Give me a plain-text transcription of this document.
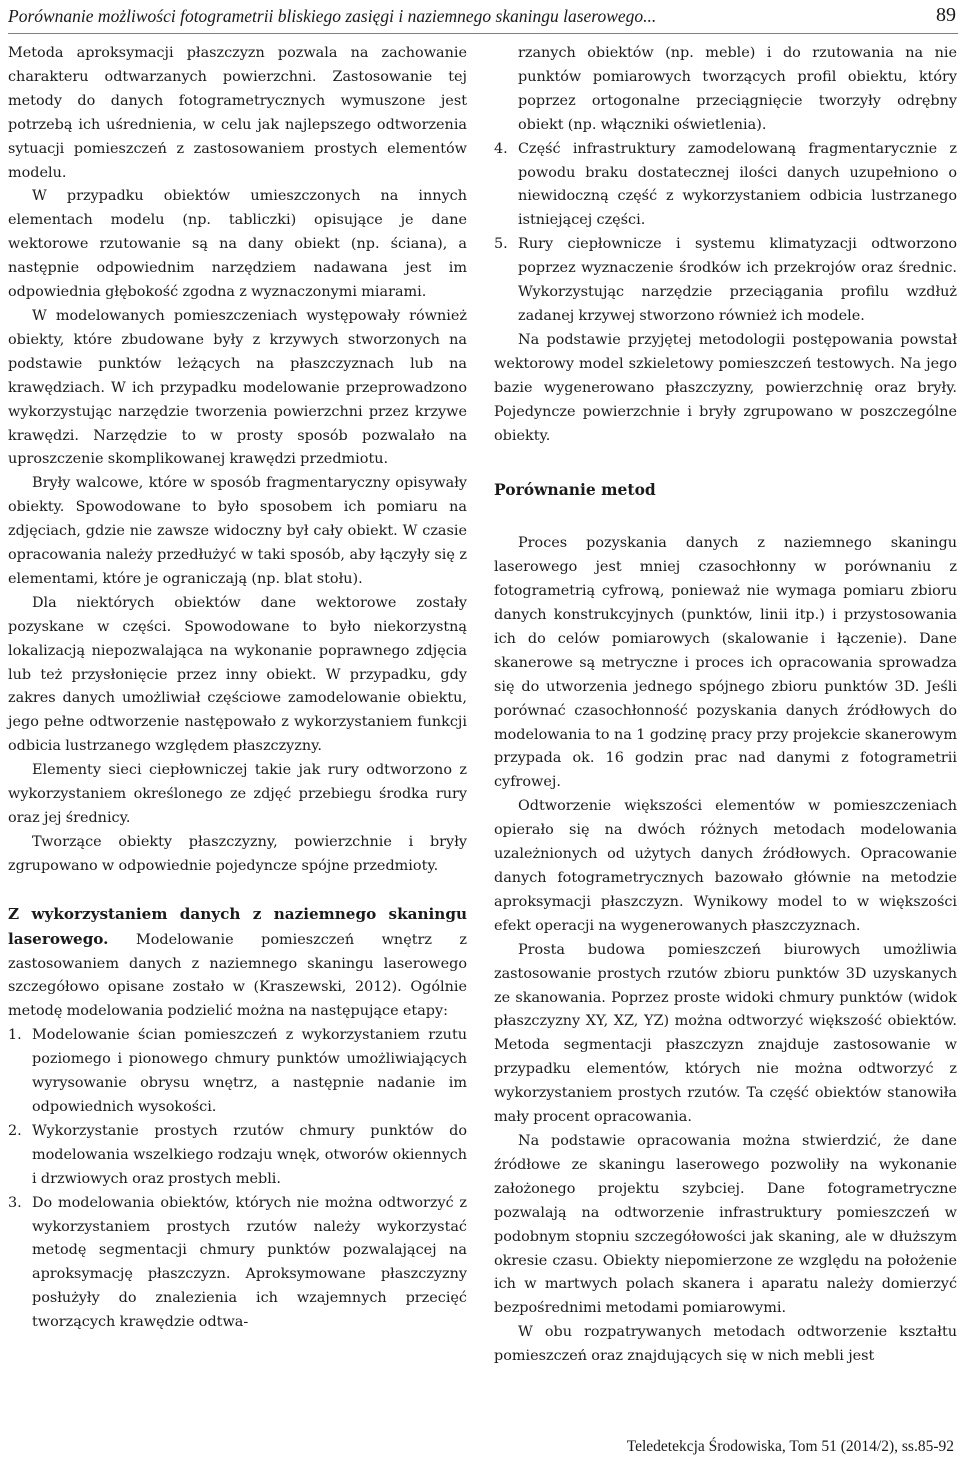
Porównanie możliwości fotogrametrii bliskiego zasięgi i naziemnego skaningu laserowego...	89

Metoda aproksymacji płaszczyzn pozwala na zachowanie charakteru odtwarzanych powierzchni. Zastosowanie tej metody do danych fotogrametrycznych wymuszone jest potrzebą ich uśrednienia, w celu jak najlepszego odtworzenia sytuacji pomieszczeń z zastosowaniem prostych elementów modelu.

W przypadku obiektów umieszczonych na innych elementach modelu (np. tabliczki) opisujące je dane wektorowe rzutowanie są na dany obiekt (np. ściana), a następnie odpowiednim narzędziem nadawana jest im odpowiednia głębokość zgodna z wyznaczonymi miarami.

W modelowanych pomieszczeniach występowały również obiekty, które zbudowane były z krzywych stworzonych na podstawie punktów leżących na płaszczyznach lub na krawędziach. W ich przypadku modelowanie przeprowadzono wykorzystując narzędzie tworzenia powierzchni przez krzywe krawędzi. Narzędzie to w prosty sposób pozwalało na uproszczenie skomplikowanej krawędzi przedmiotu.

Bryły walcowe, które w sposób fragmentaryczny opisywały obiekty. Spowodowane to było sposobem ich pomiaru na zdjęciach, gdzie nie zawsze widoczny był cały obiekt. W czasie opracowania należy przedłużyć w taki sposób, aby łączyły się z elementami, które je ograniczają (np. blat stołu).

Dla niektórych obiektów dane wektorowe zostały pozyskane w części. Spowodowane to było niekorzystną lokalizacją niepozwalająca na wykonanie poprawnego zdjęcia lub też przysłonięcie przez inny obiekt. W przypadku, gdy zakres danych umożliwiał częściowe zamodelowanie obiektu, jego pełne odtworzenie następowało z wykorzystaniem funkcji odbicia lustrzanego względem płaszczyzny.

Elementy sieci ciepłowniczej takie jak rury odtworzono z wykorzystaniem określonego ze zdjęć przebiegu środka rury oraz jej średnicy.

Tworzące obiekty płaszczyzny, powierzchnie i bryły zgrupowano w odpowiednie pojedyncze spójne przedmioty.

Z wykorzystaniem danych z naziemnego skaningu laserowego. Modelowanie pomieszczeń wnętrz z zastosowaniem danych z naziemnego skaningu laserowego szczegółowo opisane zostało w (Kraszewski, 2012). Ogólnie metodę modelowania podzielić można na następujące etapy:

1. Modelowanie ścian pomieszczeń z wykorzystaniem rzutu poziomego i pionowego chmury punktów umożliwiających wyrysowanie obrysu wnętrz, a następnie nadanie im odpowiednich wysokości.
2. Wykorzystanie prostych rzutów chmury punktów do modelowania wszelkiego rodzaju wnęk, otworów okiennych i drzwiowych oraz prostych mebli.
3. Do modelowania obiektów, których nie można odtworzyć z wykorzystaniem prostych rzutów należy wykorzystać metodę segmentacji chmury punktów pozwalającej na aproksymację płaszczyzn. Aproksymowane płaszczyzny posłużyły do znalezienia ich wzajemnych przecięć tworzących krawędzie odtwa-
rzanych obiektów (np. meble) i do rzutowania na nie punktów pomiarowych tworzących profil obiektu, który poprzez ortogonalne przeciągnięcie tworzyły odrębny obiekt (np. włączniki oświetlenia).
4. Część infrastruktury zamodelowaną fragmentarycznie z powodu braku dostatecznej ilości danych uzupełniono o niewidoczną część z wykorzystaniem odbicia lustrzanego istniejącej części.
5. Rury ciepłownicze i systemu klimatyzacji odtworzono poprzez wyznaczenie środków ich przekrojów oraz średnic. Wykorzystując narzędzie przeciągania profilu wzdłuż zadanej krzywej stworzono również ich modele.

Na podstawie przyjętej metodologii postępowania powstał wektorowy model szkieletowy pomieszczeń testowych. Na jego bazie wygenerowano płaszczyzny, powierzchnię oraz bryły. Pojedyncze powierzchnie i bryły zgrupowano w poszczególne obiekty.

Porównanie metod

Proces pozyskania danych z naziemnego skaningu laserowego jest mniej czasochłonny w porównaniu z fotogrametrią cyfrową, ponieważ nie wymaga pomiaru zbioru danych konstrukcyjnych (punktów, linii itp.) i przystosowania ich do celów pomiarowych (skalowanie i łączenie). Dane skanerowe są metryczne i proces ich opracowania sprowadza się do utworzenia jednego spójnego zbioru punktów 3D. Jeśli porównać czasochłonność pozyskania danych źródłowych do modelowania to na 1 godzinę pracy przy projekcie skanerowym przypada ok. 16 godzin prac nad danymi z fotogrametrii cyfrowej.

Odtworzenie większości elementów w pomieszczeniach opierało się na dwóch różnych metodach modelowania uzależnionych od użytych danych źródłowych. Opracowanie danych fotogrametrycznych bazowało głównie na metodzie aproksymacji płaszczyzn. Wynikowy model to w większości efekt operacji na wygenerowanych płaszczyznach.

Prosta budowa pomieszczeń biurowych umożliwia zastosowanie prostych rzutów zbioru punktów 3D uzyskanych ze skanowania. Poprzez proste widoki chmury punktów (widok płaszczyzny XY, XZ, YZ) można odtworzyć większość obiektów. Metoda segmentacji płaszczyzn znajduje zastosowanie w przypadku elementów, których nie można odtworzyć z wykorzystaniem prostych rzutów. Ta część obiektów stanowiła mały procent opracowania.

Na podstawie opracowania można stwierdzić, że dane źródłowe ze skaningu laserowego pozwoliły na wykonanie założonego projektu szybciej. Dane fotogrametryczne pozwalają na odtworzenie infrastruktury pomieszczeń w podobnym stopniu szczegółowości jak skaning, ale w dłuższym okresie czasu. Obiekty niepomierzone ze względu na położenie ich w martwych polach skanera i aparatu należy domierzyć bezpośrednimi metodami pomiarowymi.

W obu rozpatrywanych metodach odtworzenie kształtu pomieszczeń oraz znajdujących się w nich mebli jest

Teledetekcja Środowiska, Tom 51 (2014/2), ss.85-92
